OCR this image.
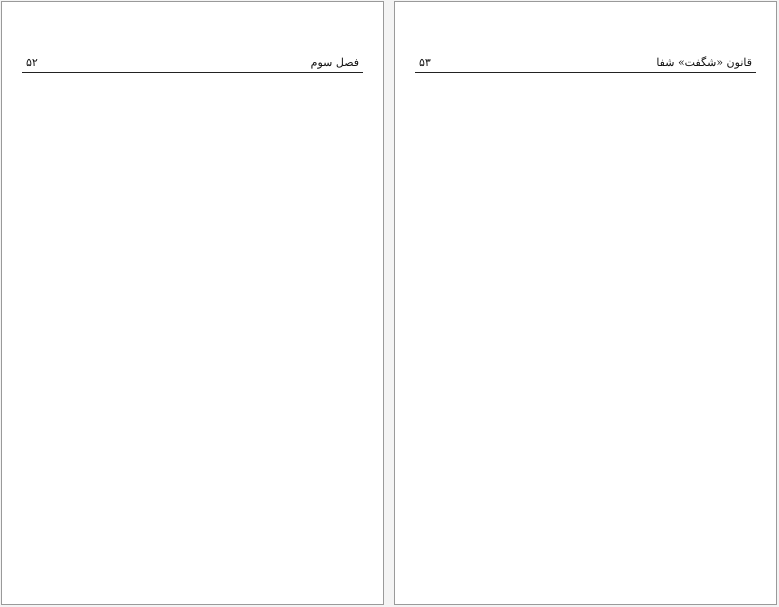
۵۲	فصل سوم	۵۳	قانون «شگفت» شفا
